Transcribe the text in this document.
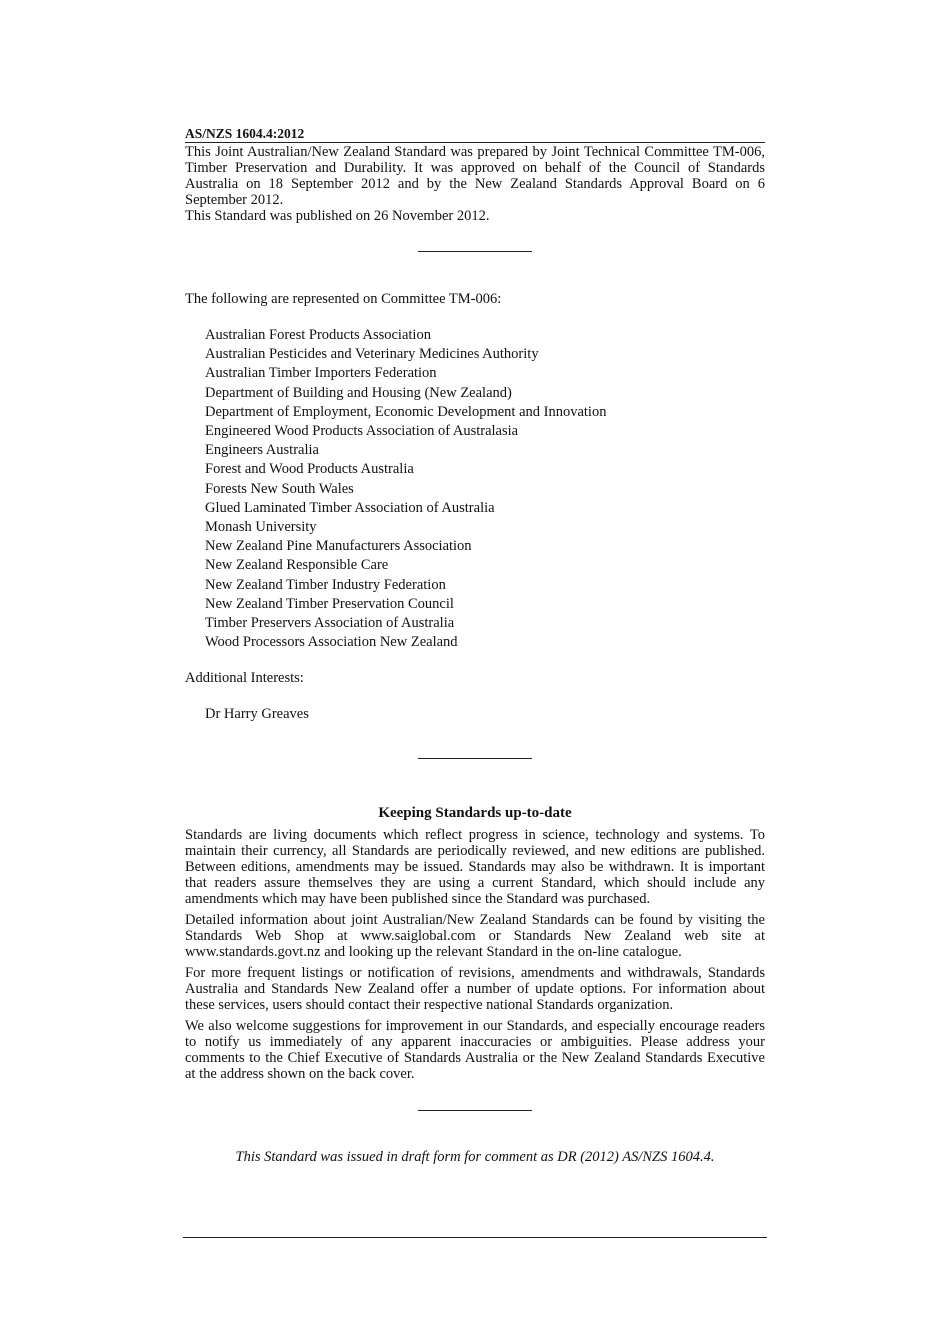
AS/NZS 1604.4:2012

This Joint Australian/New Zealand Standard was prepared by Joint Technical Committee TM-006, Timber Preservation and Durability. It was approved on behalf of the Council of Standards Australia on 18 September 2012 and by the New Zealand Standards Approval Board on 6 September 2012.

This Standard was published on 26 November 2012.

The following are represented on Committee TM-006:
Australian Forest Products Association
Australian Pesticides and Veterinary Medicines Authority
Australian Timber Importers Federation
Department of Building and Housing (New Zealand)
Department of Employment, Economic Development and Innovation
Engineered Wood Products Association of Australasia
Engineers Australia
Forest and Wood Products Australia
Forests New South Wales
Glued Laminated Timber Association of Australia
Monash University
New Zealand Pine Manufacturers Association
New Zealand Responsible Care
New Zealand Timber Industry Federation
New Zealand Timber Preservation Council
Timber Preservers Association of Australia
Wood Processors Association New Zealand
Additional Interests:
Dr Harry Greaves
Keeping Standards up-to-date

Standards are living documents which reflect progress in science, technology and systems. To maintain their currency, all Standards are periodically reviewed, and new editions are published. Between editions, amendments may be issued. Standards may also be withdrawn. It is important that readers assure themselves they are using a current Standard, which should include any amendments which may have been published since the Standard was purchased.

Detailed information about joint Australian/New Zealand Standards can be found by visiting the Standards Web Shop at www.saiglobal.com or Standards New Zealand web site at www.standards.govt.nz and looking up the relevant Standard in the on-line catalogue.

For more frequent listings or notification of revisions, amendments and withdrawals, Standards Australia and Standards New Zealand offer a number of update options. For information about these services, users should contact their respective national Standards organization.

We also welcome suggestions for improvement in our Standards, and especially encourage readers to notify us immediately of any apparent inaccuracies or ambiguities. Please address your comments to the Chief Executive of Standards Australia or the New Zealand Standards Executive at the address shown on the back cover.

This Standard was issued in draft form for comment as DR (2012) AS/NZS 1604.4.
